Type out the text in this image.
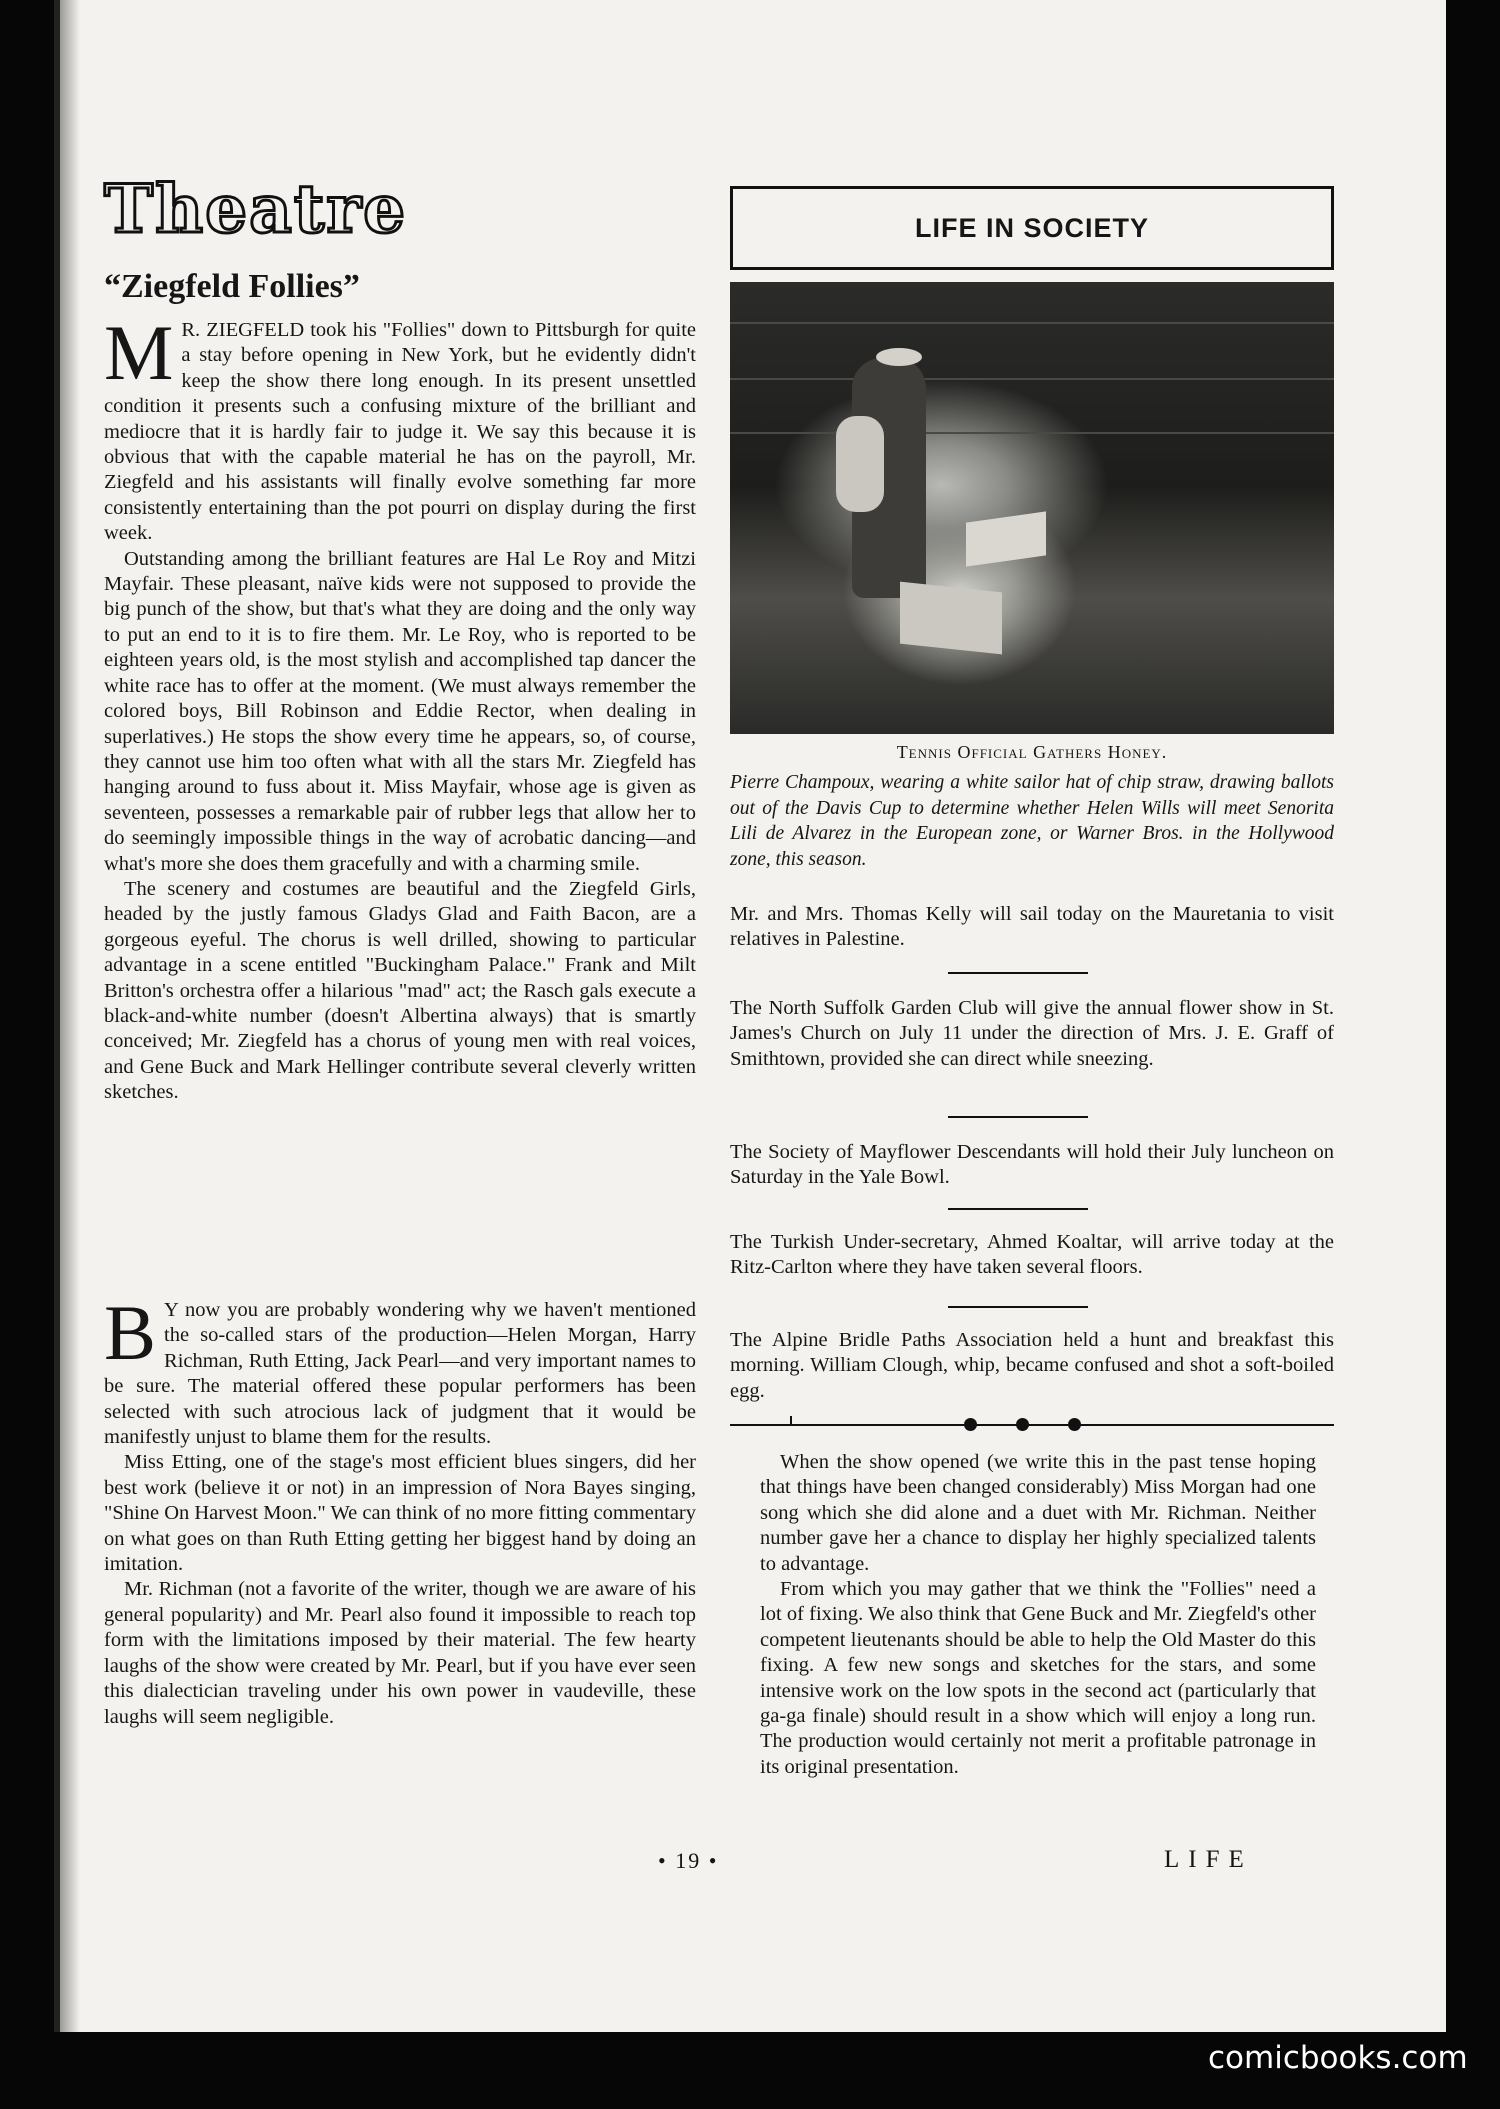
Theatre
“Ziegfeld Follies”

M R. ZIEGFELD took his "Follies" down to Pittsburgh for quite a stay before opening in New York, but he evidently didn't keep the show there long enough. In its present unsettled condition it presents such a confusing mixture of the brilliant and mediocre that it is hardly fair to judge it. We say this because it is obvious that with the capable material he has on the payroll, Mr. Ziegfeld and his assistants will finally evolve something far more consistently entertaining than the pot pourri on display during the first week.

Outstanding among the brilliant features are Hal Le Roy and Mitzi Mayfair. These pleasant, naïve kids were not supposed to provide the big punch of the show, but that's what they are doing and the only way to put an end to it is to fire them. Mr. Le Roy, who is reported to be eighteen years old, is the most stylish and accomplished tap dancer the white race has to offer at the moment. (We must always remember the colored boys, Bill Robinson and Eddie Rector, when dealing in superlatives.) He stops the show every time he appears, so, of course, they cannot use him too often what with all the stars Mr. Ziegfeld has hanging around to fuss about it. Miss Mayfair, whose age is given as seventeen, possesses a remarkable pair of rubber legs that allow her to do seemingly impossible things in the way of acrobatic dancing—and what's more she does them gracefully and with a charming smile.

The scenery and costumes are beautiful and the Ziegfeld Girls, headed by the justly famous Gladys Glad and Faith Bacon, are a gorgeous eyeful. The chorus is well drilled, showing to particular advantage in a scene entitled "Buckingham Palace." Frank and Milt Britton's orchestra offer a hilarious "mad" act; the Rasch gals execute a black-and-white number (doesn't Albertina always) that is smartly conceived; Mr. Ziegfeld has a chorus of young men with real voices, and Gene Buck and Mark Hellinger contribute several cleverly written sketches.

B Y now you are probably wondering why we haven't mentioned the so-called stars of the production—Helen Morgan, Harry Richman, Ruth Etting, Jack Pearl—and very important names to be sure. The material offered these popular performers has been selected with such atrocious lack of judgment that it would be manifestly unjust to blame them for the results.

Miss Etting, one of the stage's most efficient blues singers, did her best work (believe it or not) in an impression of Nora Bayes singing, "Shine On Harvest Moon." We can think of no more fitting commentary on what goes on than Ruth Etting getting her biggest hand by doing an imitation.

Mr. Richman (not a favorite of the writer, though we are aware of his general popularity) and Mr. Pearl also found it impossible to reach top form with the limitations imposed by their material. The few hearty laughs of the show were created by Mr. Pearl, but if you have ever seen this dialectician traveling under his own power in vaudeville, these laughs will seem negligible.

LIFE IN SOCIETY
Tennis Official Gathers Honey.
Pierre Champoux, wearing a white sailor hat of chip straw, drawing ballots out of the Davis Cup to determine whether Helen Wills will meet Senorita Lili de Alvarez in the European zone, or Warner Bros. in the Hollywood zone, this season.
Mr. and Mrs. Thomas Kelly will sail today on the Mauretania to visit relatives in Palestine.
The North Suffolk Garden Club will give the annual flower show in St. James's Church on July 11 under the direction of Mrs. J. E. Graff of Smithtown, provided she can direct while sneezing.
The Society of Mayflower Descendants will hold their July luncheon on Saturday in the Yale Bowl.
The Turkish Under-secretary, Ahmed Koaltar, will arrive today at the Ritz-Carlton where they have taken several floors.
The Alpine Bridle Paths Association held a hunt and breakfast this morning. William Clough, whip, became confused and shot a soft-boiled egg.

When the show opened (we write this in the past tense hoping that things have been changed considerably) Miss Morgan had one song which she did alone and a duet with Mr. Richman. Neither number gave her a chance to display her highly specialized talents to advantage.

From which you may gather that we think the "Follies" need a lot of fixing. We also think that Gene Buck and Mr. Ziegfeld's other competent lieutenants should be able to help the Old Master do this fixing. A few new songs and sketches for the stars, and some intensive work on the low spots in the second act (particularly that ga-ga finale) should result in a show which will enjoy a long run. The production would certainly not merit a profitable patronage in its original presentation.

• 19 •	LIFE
comicbooks.com
